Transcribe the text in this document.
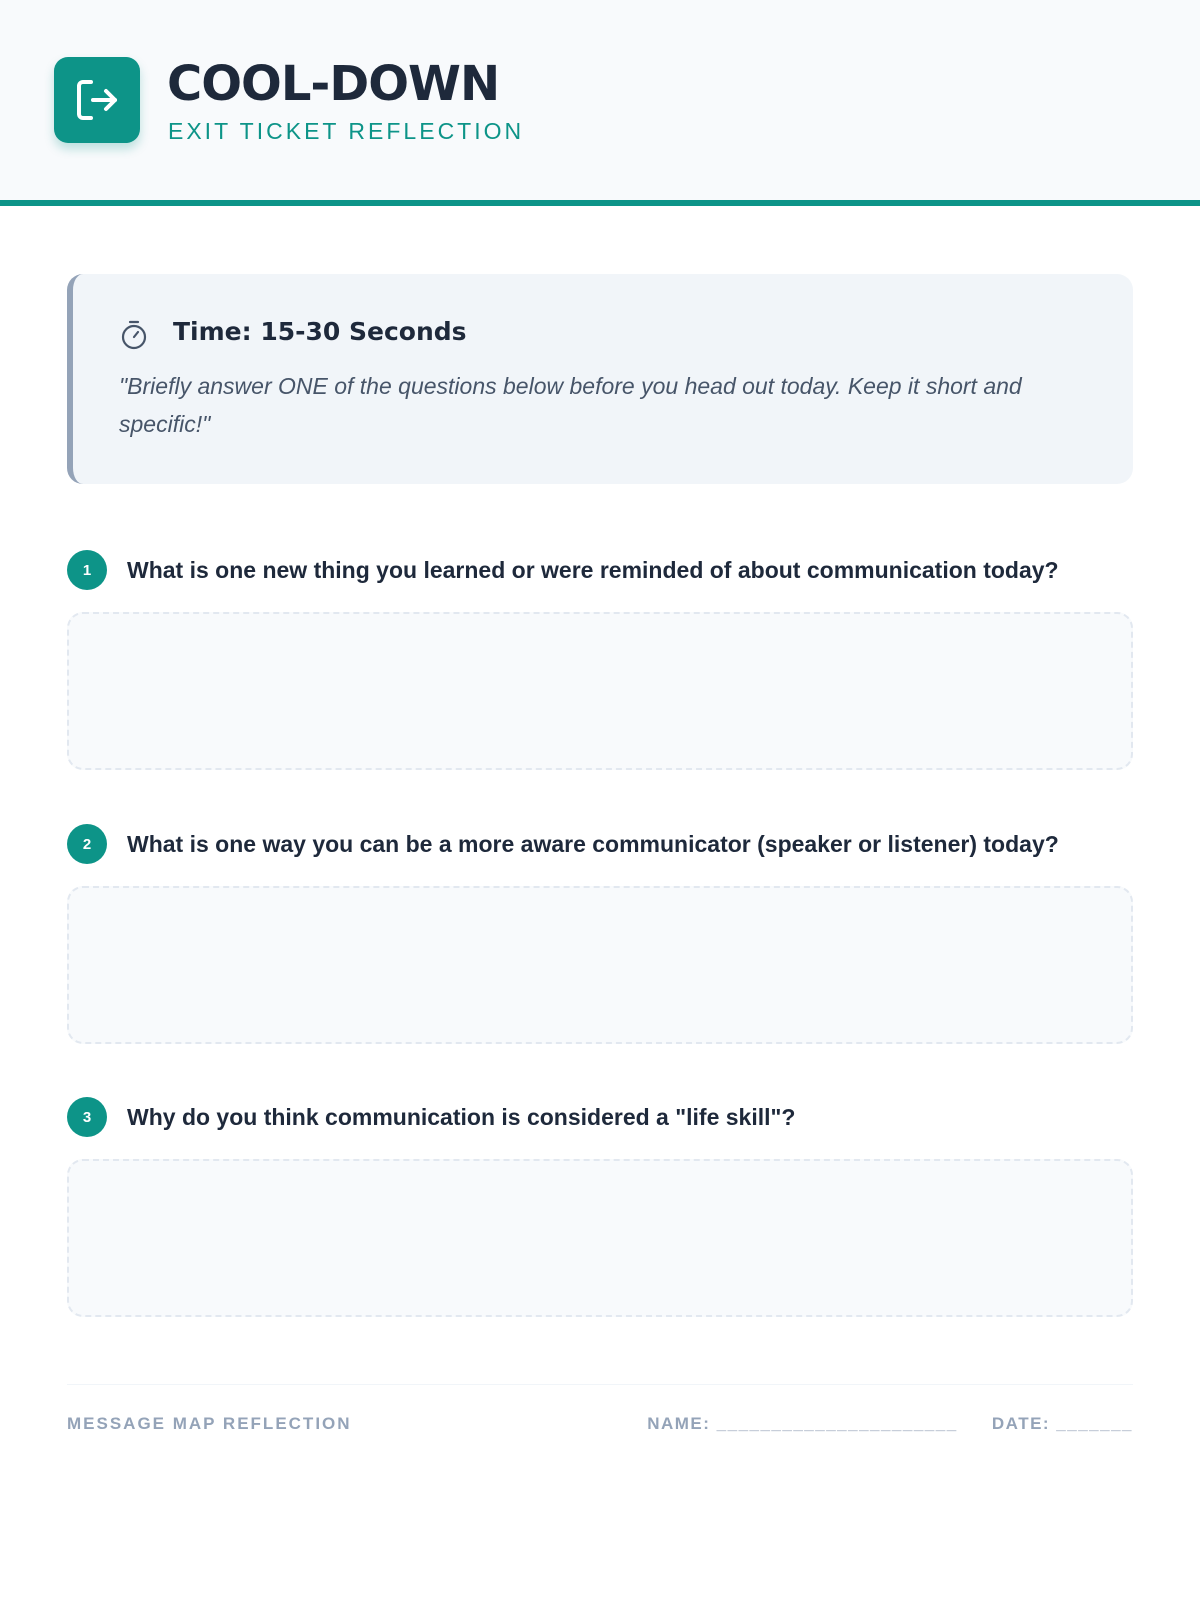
COOL-DOWN
EXIT TICKET REFLECTION
Time: 15-30 Seconds
"Briefly answer ONE of the questions below before you head out today. Keep it short and specific!"
1	What is one new thing you learned or were reminded of about communication today?
2	What is one way you can be a more aware communicator (speaker or listener) today?
3	Why do you think communication is considered a "life skill"?
MESSAGE MAP REFLECTION	NAME: ______________________ DATE: _______
